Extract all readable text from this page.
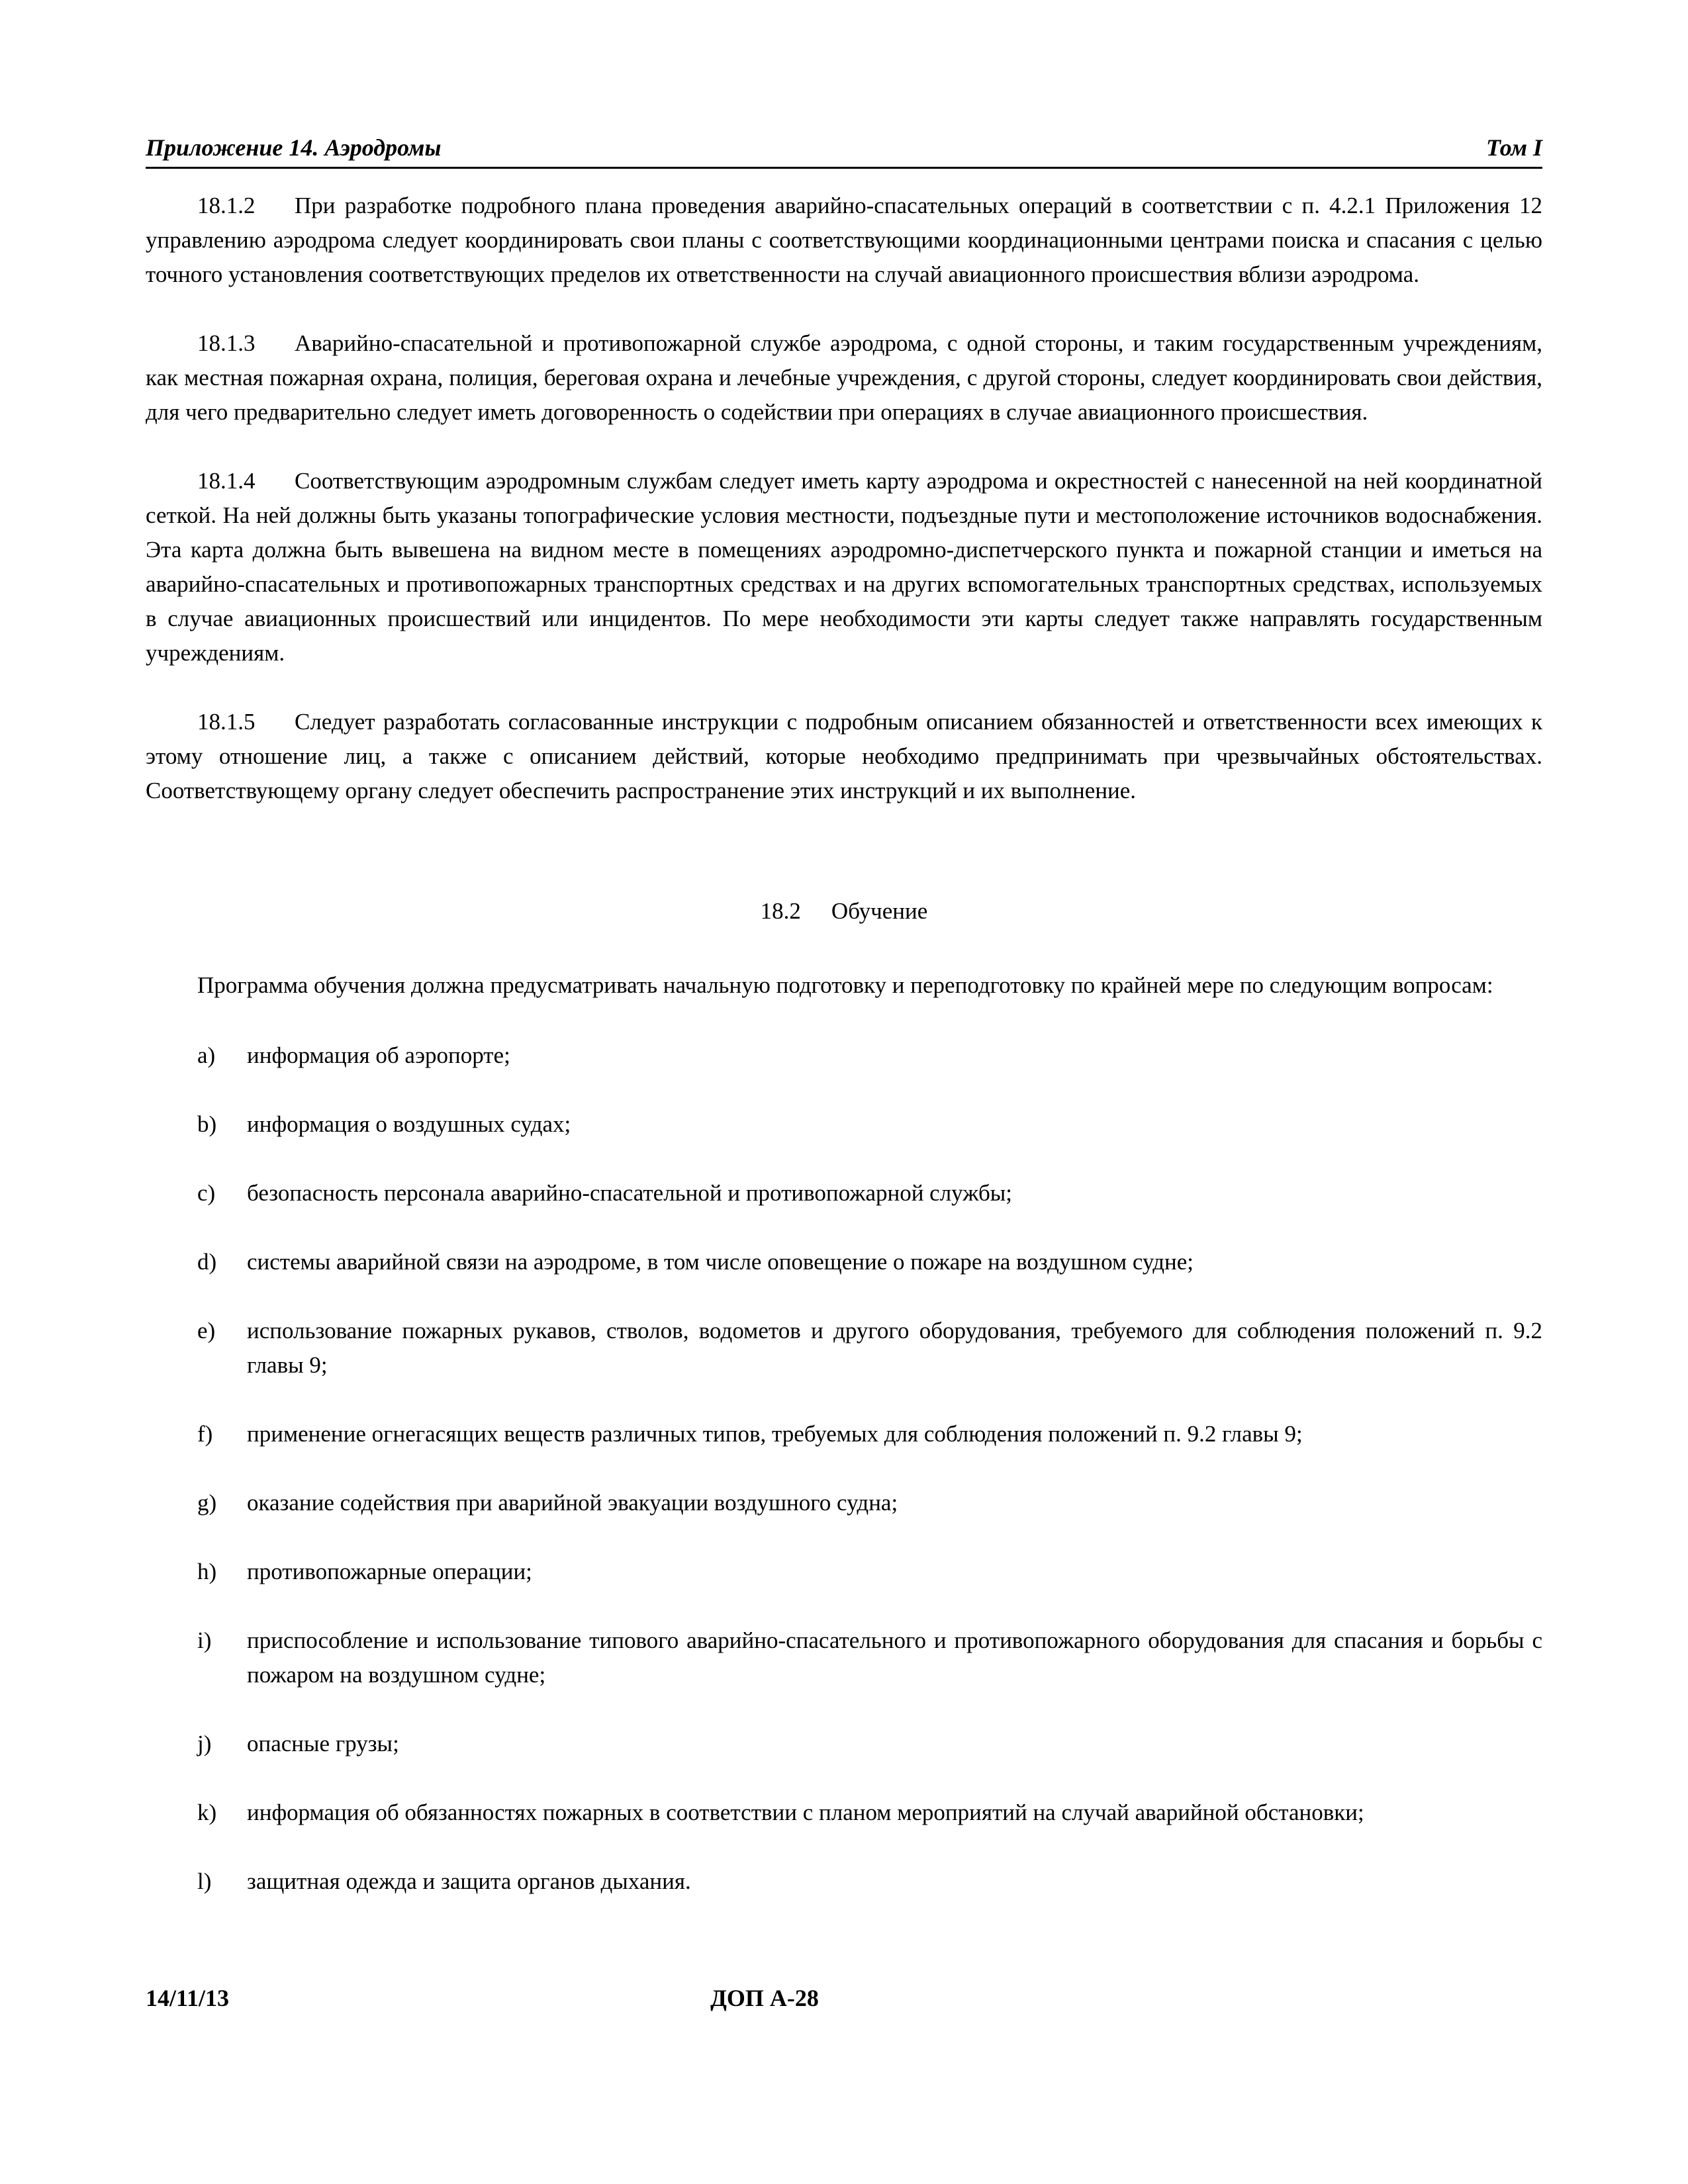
Приложение 14. Аэродромы	Том I

18.1.2 При разработке подробного плана проведения аварийно-спасательных операций в соответствии с п. 4.2.1 Приложения 12 управлению аэродрома следует координировать свои планы с соответствующими координационными центрами поиска и спасания с целью точного установления соответствующих пределов их ответственности на случай авиационного происшествия вблизи аэродрома.

18.1.3 Аварийно-спасательной и противопожарной службе аэродрома, с одной стороны, и таким государственным учреждениям, как местная пожарная охрана, полиция, береговая охрана и лечебные учреждения, с другой стороны, следует координировать свои действия, для чего предварительно следует иметь договоренность о содействии при операциях в случае авиационного происшествия.

18.1.4 Соответствующим аэродромным службам следует иметь карту аэродрома и окрестностей с нанесенной на ней координатной сеткой. На ней должны быть указаны топографические условия местности, подъездные пути и местоположение источников водоснабжения. Эта карта должна быть вывешена на видном месте в помещениях аэродромно-диспетчерского пункта и пожарной станции и иметься на аварийно-спасательных и противопожарных транспортных средствах и на других вспомогательных транспортных средствах, используемых в случае авиационных происшествий или инцидентов. По мере необходимости эти карты следует также направлять государственным учреждениям.

18.1.5 Следует разработать согласованные инструкции с подробным описанием обязанностей и ответственности всех имеющих к этому отношение лиц, а также с описанием действий, которые необходимо предпринимать при чрезвычайных обстоятельствах. Соответствующему органу следует обеспечить распространение этих инструкций и их выполнение.

18.2 Обучение

Программа обучения должна предусматривать начальную подготовку и переподготовку по крайней мере по следующим вопросам:

a) информация об аэропорте;
b) информация о воздушных судах;
c) безопасность персонала аварийно-спасательной и противопожарной службы;
d) системы аварийной связи на аэродроме, в том числе оповещение о пожаре на воздушном судне;
e) использование пожарных рукавов, стволов, водометов и другого оборудования, требуемого для соблюдения положений п. 9.2 главы 9;
f) применение огнегасящих веществ различных типов, требуемых для соблюдения положений п. 9.2 главы 9;
g) оказание содействия при аварийной эвакуации воздушного судна;
h) противопожарные операции;
i) приспособление и использование типового аварийно-спасательного и противопожарного оборудования для спасания и борьбы с пожаром на воздушном судне;
j) опасные грузы;
k) информация об обязанностях пожарных в соответствии с планом мероприятий на случай аварийной обстановки;
l) защитная одежда и защита органов дыхания.
14/11/13	ДОП A-28
